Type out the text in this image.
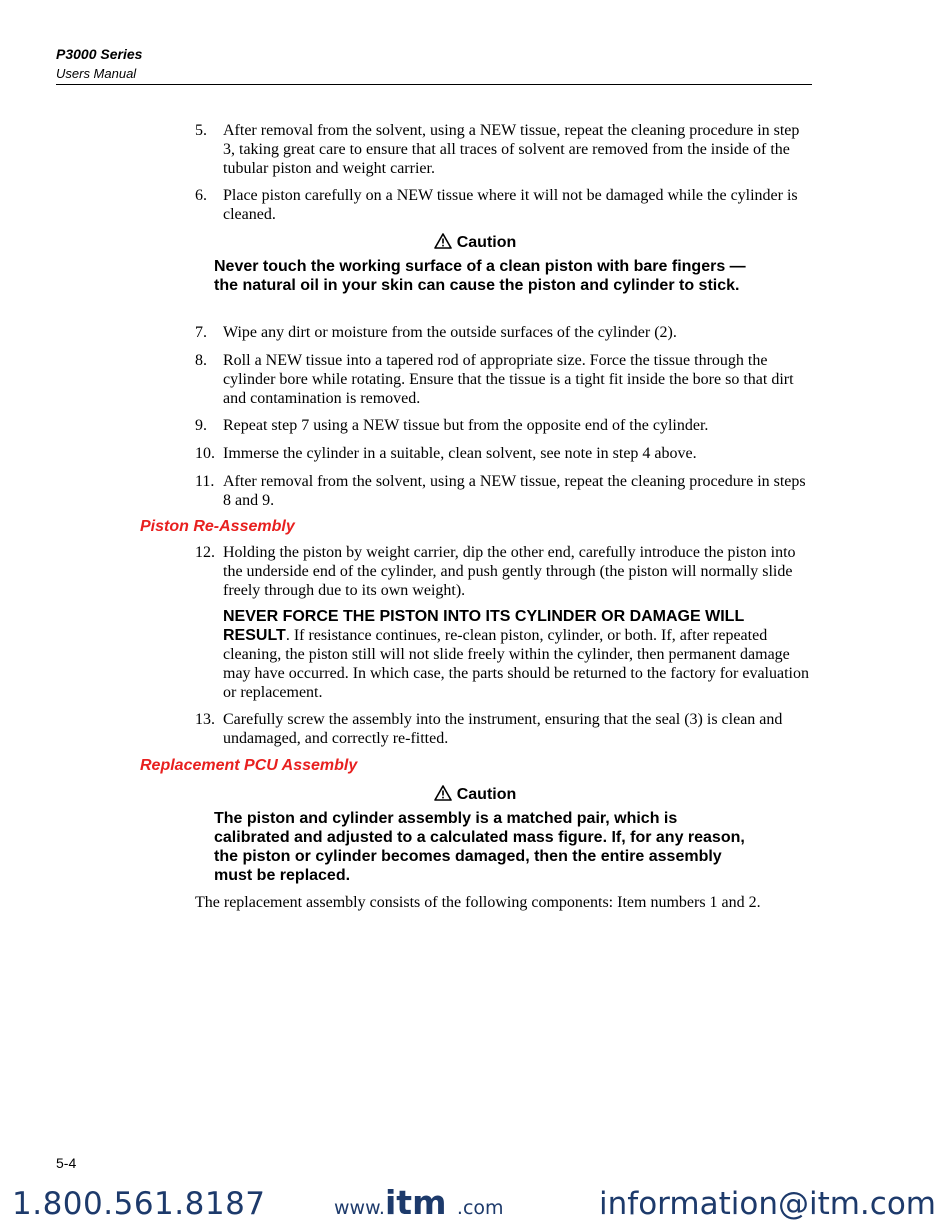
P3000 Series
Users Manual
5. After removal from the solvent, using a NEW tissue, repeat the cleaning procedure in step 3, taking great care to ensure that all traces of solvent are removed from the inside of the tubular piston and weight carrier.
6. Place piston carefully on a NEW tissue where it will not be damaged while the cylinder is cleaned.
Caution
Never touch the working surface of a clean piston with bare fingers — the natural oil in your skin can cause the piston and cylinder to stick.
7. Wipe any dirt or moisture from the outside surfaces of the cylinder (2).
8. Roll a NEW tissue into a tapered rod of appropriate size. Force the tissue through the cylinder bore while rotating. Ensure that the tissue is a tight fit inside the bore so that dirt and contamination is removed.
9. Repeat step 7 using a NEW tissue but from the opposite end of the cylinder.
10. Immerse the cylinder in a suitable, clean solvent, see note in step 4 above.
11. After removal from the solvent, using a NEW tissue, repeat the cleaning procedure in steps 8 and 9.
Piston Re-Assembly
12. Holding the piston by weight carrier, dip the other end, carefully introduce the piston into the underside end of the cylinder, and push gently through (the piston will normally slide freely through due to its own weight).
NEVER FORCE THE PISTON INTO ITS CYLINDER OR DAMAGE WILL RESULT. If resistance continues, re-clean piston, cylinder, or both. If, after repeated cleaning, the piston still will not slide freely within the cylinder, then permanent damage may have occurred. In which case, the parts should be returned to the factory for evaluation or replacement.
13. Carefully screw the assembly into the instrument, ensuring that the seal (3) is clean and undamaged, and correctly re-fitted.
Replacement PCU Assembly
Caution
The piston and cylinder assembly is a matched pair, which is calibrated and adjusted to a calculated mass figure. If, for any reason, the piston or cylinder becomes damaged, then the entire assembly must be replaced.
The replacement assembly consists of the following components: Item numbers 1 and 2.
5-4
1.800.561.8187	www. itm .com	information@itm.com
